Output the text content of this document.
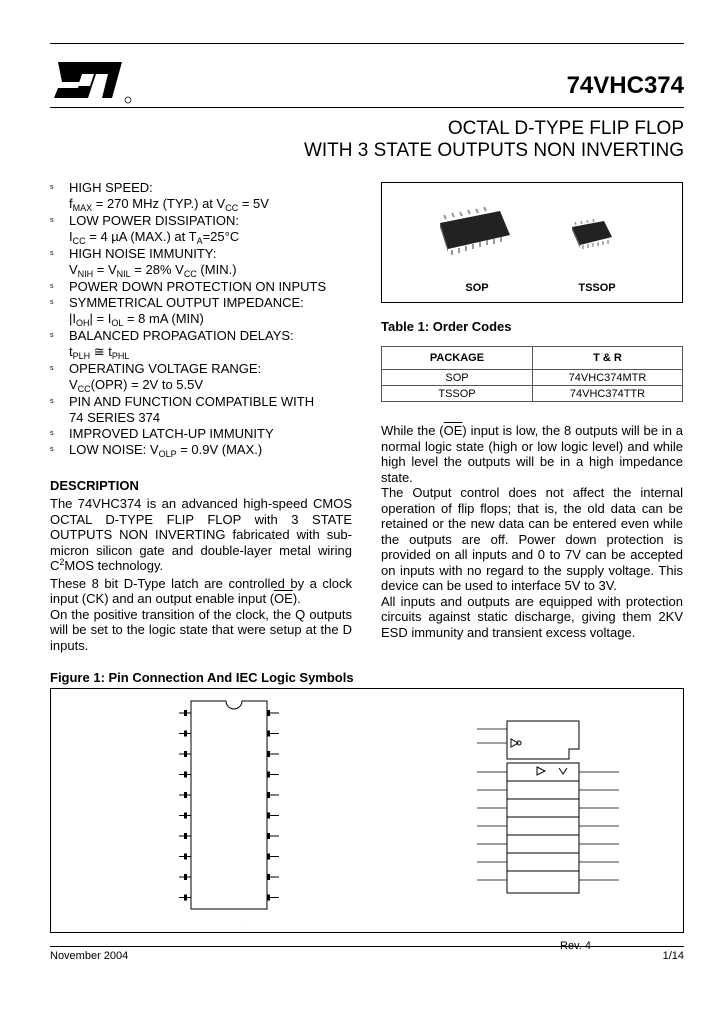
74VHC374
OCTAL D-TYPE FLIP FLOP
WITH 3 STATE OUTPUTS NON INVERTING
s HIGH SPEED:
$f_{MAX} = 270$ MHz (TYP.) at $V_{CC} = 5V$
s LOW POWER DISSIPATION:
$I_{CC} = 4$ µA (MAX.) at $T_A=25^\circ C$
s HIGH NOISE IMMUNITY:
$V_{NIH} = V_{NIL} = 28\%$ $V_{CC}$ (MIN.)
s POWER DOWN PROTECTION ON INPUTS
s SYMMETRICAL OUTPUT IMPEDANCE:
$|I_{OH}| = I_{OL} = 8$ mA (MIN)
s BALANCED PROPAGATION DELAYS:
$t_{PLH}$ ≅ $t_{PHL}$
s OPERATING VOLTAGE RANGE:
$V_{CC}(OPR) = 2V$ to 5.5V
s PIN AND FUNCTION COMPATIBLE WITH
74 SERIES 374
s IMPROVED LATCH-UP IMMUNITY
s LOW NOISE: $V_{OLP} = 0.9V$ (MAX.)
DESCRIPTION
The 74VHC374 is an advanced high-speed CMOS OCTAL D-TYPE FLIP FLOP with 3 STATE OUTPUTS NON INVERTING fabricated with sub-micron silicon gate and double-layer metal wiring $C^2MOS$ technology.
These 8 bit D-Type latch are controlled by a clock input (CK) and an output enable input $(\overline{OE})$.
On the positive transition of the clock, the Q outputs will be set to the logic state that were setup at the D inputs.
SOP	TSSOP
Table 1: Order Codes
PACKAGE	T & R
SOP	74VHC374MTR
TSSOP	74VHC374TTR
While the $(\overline{OE})$ input is low, the 8 outputs will be in a normal logic state (high or low logic level) and while high level the outputs will be in a high impedance state.
The Output control does not affect the internal operation of flip flops; that is, the old data can be retained or the new data can be entered even while the outputs are off. Power down protection is provided on all inputs and 0 to 7V can be accepted on inputs with no regard to the supply voltage. This device can be used to interface 5V to 3V.
All inputs and outputs are equipped with protection circuits against static discharge, giving them 2KV ESD immunity and transient excess voltage.
Figure 1: Pin Connection And IEC Logic Symbols
.
Rev. 4
November 2004	1/14
